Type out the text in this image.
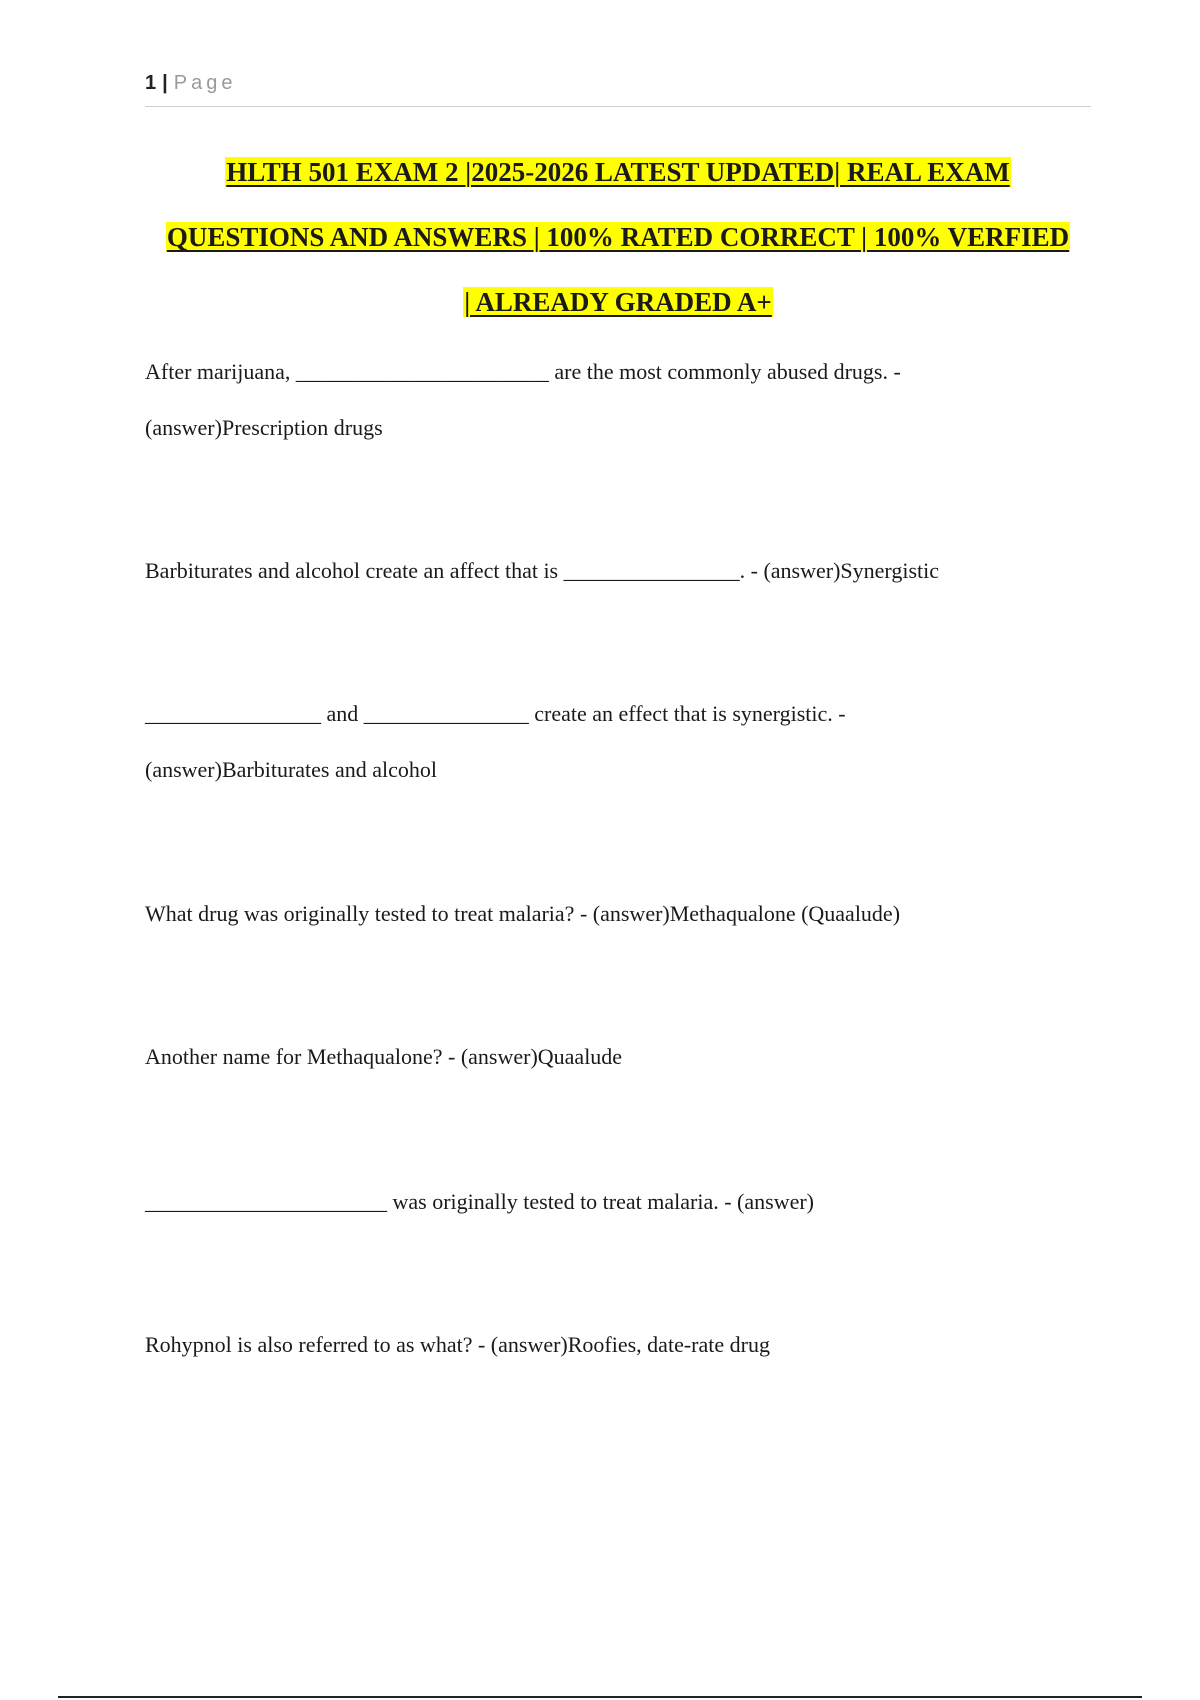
1 | Page
HLTH 501 EXAM 2 |2025-2026 LATEST UPDATED| REAL EXAM
QUESTIONS AND ANSWERS | 100% RATED CORRECT | 100% VERFIED
| ALREADY GRADED A+

After marijuana, _______________________ are the most commonly abused drugs. -

(answer)Prescription drugs

Barbiturates and alcohol create an affect that is ________________. - (answer)Synergistic

________________ and _______________ create an effect that is synergistic. -

(answer)Barbiturates and alcohol

What drug was originally tested to treat malaria? - (answer)Methaqualone (Quaalude)

Another name for Methaqualone? - (answer)Quaalude

______________________ was originally tested to treat malaria. - (answer)

Rohypnol is also referred to as what? - (answer)Roofies, date-rate drug
